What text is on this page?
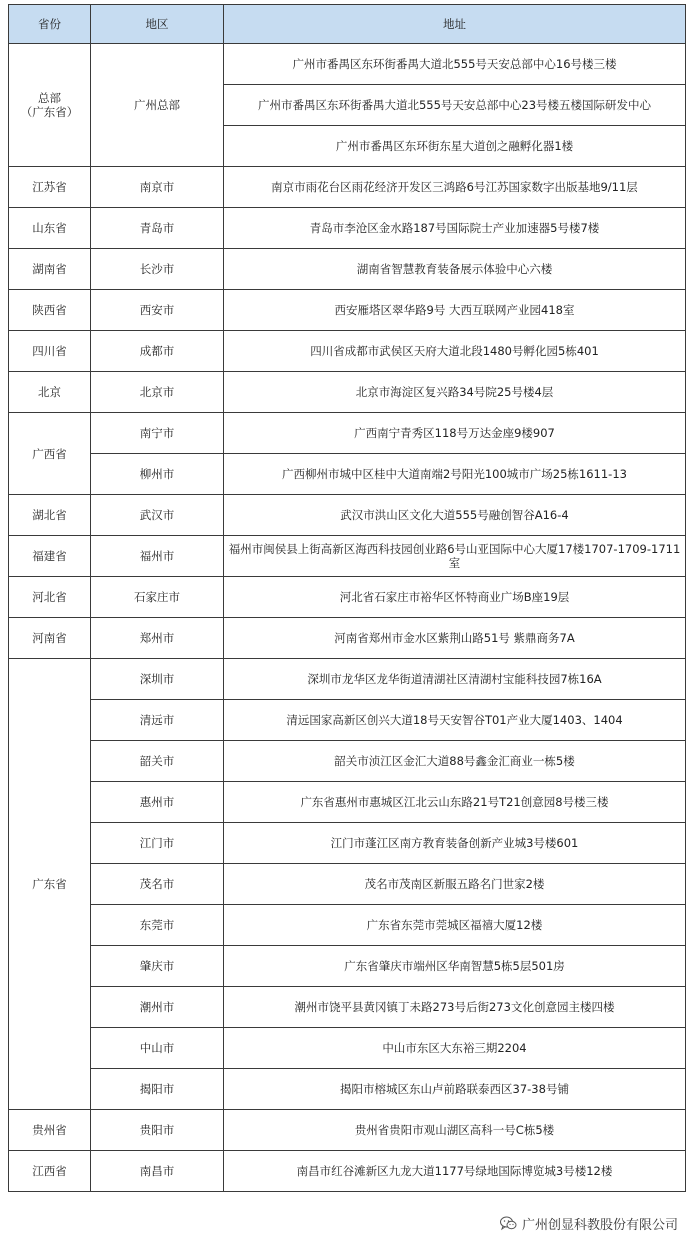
省份	地区	地址
总部
（广东省）	广州总部	广州市番禺区东环街番禺大道北555号天安总部中心16号楼三楼
		广州市番禺区东环街番禺大道北555号天安总部中心23号楼五楼国际研发中心
		广州市番禺区东环街东星大道创之融孵化器1楼
江苏省	南京市	南京市雨花台区雨花经济开发区三鸿路6号江苏国家数字出版基地9/11层
山东省	青岛市	青岛市李沧区金水路187号国际院士产业加速器5号楼7楼
湖南省	长沙市	湖南省智慧教育装备展示体验中心六楼
陕西省	西安市	西安雁塔区翠华路9号 大西互联网产业园418室
四川省	成都市	四川省成都市武侯区天府大道北段1480号孵化园5栋401
北京	北京市	北京市海淀区复兴路34号院25号楼4层
广西省	南宁市	广西南宁青秀区118号万达金座9楼907
	柳州市	广西柳州市城中区桂中大道南端2号阳光100城市广场25栋1611-13
湖北省	武汉市	武汉市洪山区文化大道555号融创智谷A16-4
福建省	福州市	福州市闽侯县上街高新区海西科技园创业路6号山亚国际中心大厦17楼1707-1709-1711室
河北省	石家庄市	河北省石家庄市裕华区怀特商业广场B座19层
河南省	郑州市	河南省郑州市金水区紫荆山路51号 紫鼎商务7A
广东省	深圳市	深圳市龙华区龙华街道清湖社区清湖村宝能科技园7栋16A
	清远市	清远国家高新区创兴大道18号天安智谷T01产业大厦1403、1404
	韶关市	韶关市浈江区金汇大道88号鑫金汇商业一栋5楼
	惠州市	广东省惠州市惠城区江北云山东路21号T21创意园8号楼三楼
	江门市	江门市蓬江区南方教育装备创新产业城3号楼601
	茂名市	茂名市茂南区新服五路名门世家2楼
	东莞市	广东省东莞市莞城区福禧大厦12楼
	肇庆市	广东省肇庆市端州区华南智慧5栋5层501房
	潮州市	潮州市饶平县黄冈镇丁未路273号后街273文化创意园主楼四楼
	中山市	中山市东区大东裕三期2204
	揭阳市	揭阳市榕城区东山卢前路联泰西区37-38号铺
贵州省	贵阳市	贵州省贵阳市观山湖区高科一号C栋5楼
江西省	南昌市	南昌市红谷滩新区九龙大道1177号绿地国际博览城3号楼12楼
广州创显科教股份有限公司
